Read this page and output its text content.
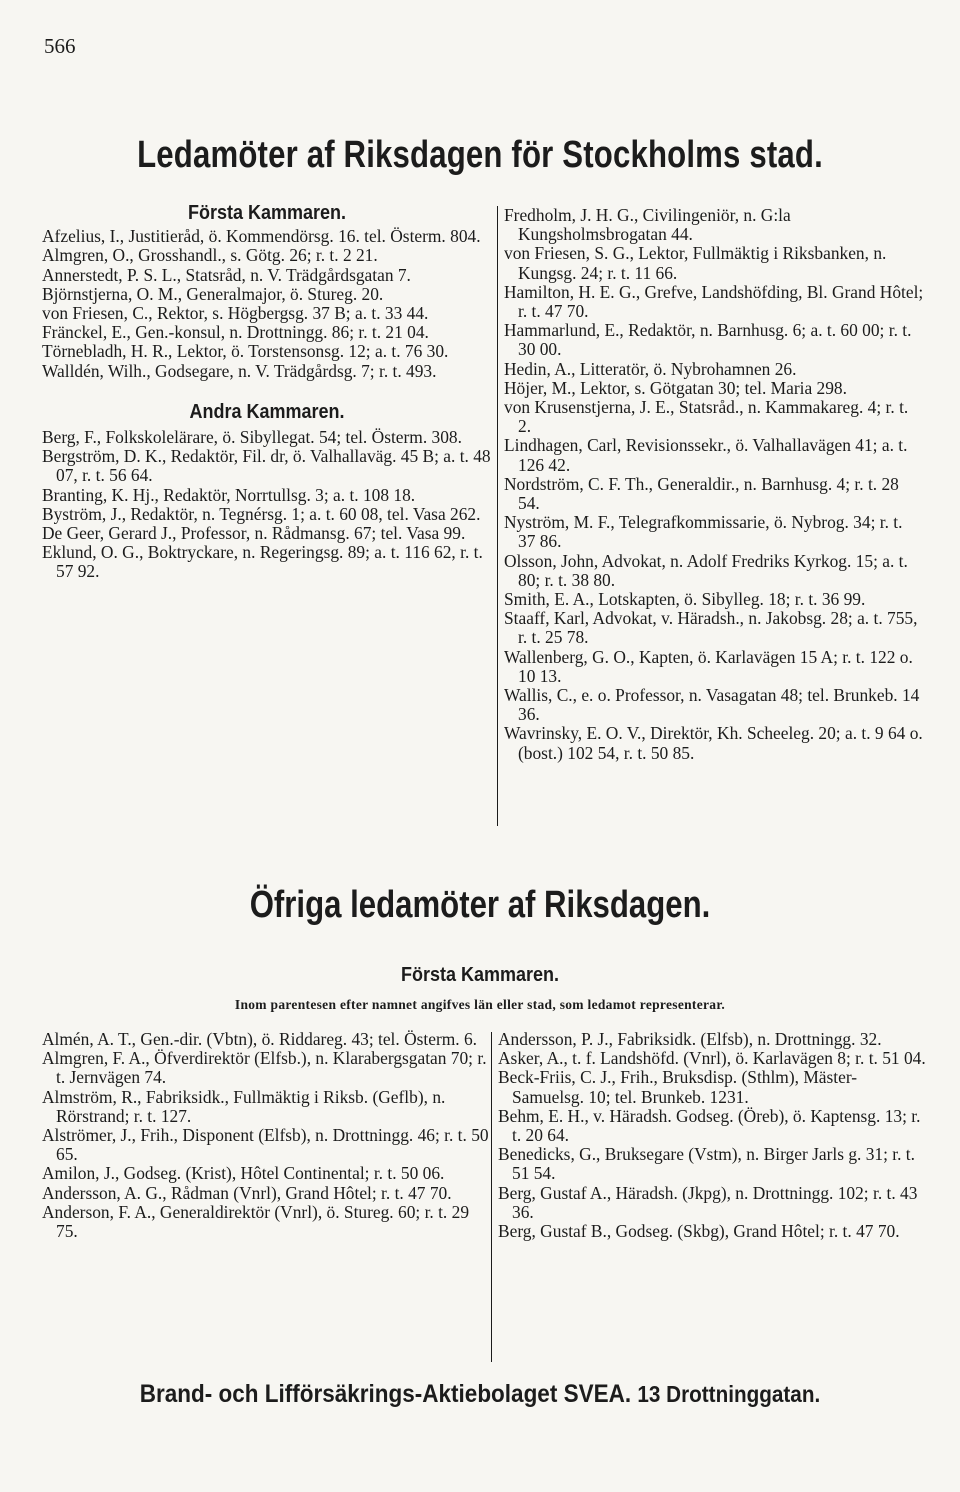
566
Ledamöter af Riksdagen för Stockholms stad.
Första Kammaren.
Afzelius, I., Justitieråd, ö. Kommendörsg. 16. tel. Österm. 804.
Almgren, O., Grosshandl., s. Götg. 26; r. t. 2 21.
Annerstedt, P. S. L., Statsråd, n. V. Trädgårdsgatan 7.
Björnstjerna, O. M., Generalmajor, ö. Stureg. 20.
von Friesen, C., Rektor, s. Högbergsg. 37 B; a. t. 33 44.
Fränckel, E., Gen.-konsul, n. Drottningg. 86; r. t. 21 04.
Törnebladh, H. R., Lektor, ö. Torstensonsg. 12; a. t. 76 30.
Walldén, Wilh., Godsegare, n. V. Trädgårdsg. 7; r. t. 493.
Andra Kammaren.
Berg, F., Folkskolelärare, ö. Sibyllegat. 54; tel. Österm. 308.
Bergström, D. K., Redaktör, Fil. dr, ö. Valhallaväg. 45 B; a. t. 48 07, r. t. 56 64.
Branting, K. Hj., Redaktör, Norrtullsg. 3; a. t. 108 18.
Byström, J., Redaktör, n. Tegnérsg. 1; a. t. 60 08, tel. Vasa 262.
De Geer, Gerard J., Professor, n. Rådmansg. 67; tel. Vasa 99.
Eklund, O. G., Boktryckare, n. Regeringsg. 89; a. t. 116 62, r. t. 57 92.
Fredholm, J. H. G., Civilingeniör, n. G:la Kungsholmsbrogatan 44.
von Friesen, S. G., Lektor, Fullmäktig i Riksbanken, n. Kungsg. 24; r. t. 11 66.
Hamilton, H. E. G., Grefve, Landshöfding, Bl. Grand Hôtel; r. t. 47 70.
Hammarlund, E., Redaktör, n. Barnhusg. 6; a. t. 60 00; r. t. 30 00.
Hedin, A., Litteratör, ö. Nybrohamnen 26.
Höjer, M., Lektor, s. Götgatan 30; tel. Maria 298.
von Krusenstjerna, J. E., Statsråd., n. Kammakareg. 4; r. t. 2.
Lindhagen, Carl, Revisionssekr., ö. Valhallavägen 41; a. t. 126 42.
Nordström, C. F. Th., Generaldir., n. Barnhusg. 4; r. t. 28 54.
Nyström, M. F., Telegrafkommissarie, ö. Nybrog. 34; r. t. 37 86.
Olsson, John, Advokat, n. Adolf Fredriks Kyrkog. 15; a. t. 80; r. t. 38 80.
Smith, E. A., Lotskapten, ö. Sibylleg. 18; r. t. 36 99.
Staaff, Karl, Advokat, v. Häradsh., n. Jakobsg. 28; a. t. 755, r. t. 25 78.
Wallenberg, G. O., Kapten, ö. Karlavägen 15 A; r. t. 122 o. 10 13.
Wallis, C., e. o. Professor, n. Vasagatan 48; tel. Brunkeb. 14 36.
Wavrinsky, E. O. V., Direktör, Kh. Scheeleg. 20; a. t. 9 64 o. (bost.) 102 54, r. t. 50 85.
Öfriga ledamöter af Riksdagen.
Första Kammaren.
Inom parentesen efter namnet angifves län eller stad, som ledamot representerar.
Almén, A. T., Gen.-dir. (Vbtn), ö. Riddareg. 43; tel. Österm. 6.
Almgren, F. A., Öfverdirektör (Elfsb.), n. Klarabergsgatan 70; r. t. Jernvägen 74.
Almström, R., Fabriksidk., Fullmäktig i Riksb. (Geflb), n. Rörstrand; r. t. 127.
Alströmer, J., Frih., Disponent (Elfsb), n. Drottningg. 46; r. t. 50 65.
Amilon, J., Godseg. (Krist), Hôtel Continental; r. t. 50 06.
Andersson, A. G., Rådman (Vnrl), Grand Hôtel; r. t. 47 70.
Anderson, F. A., Generaldirektör (Vnrl), ö. Stureg. 60; r. t. 29 75.
Andersson, P. J., Fabriksidk. (Elfsb), n. Drottningg. 32.
Asker, A., t. f. Landshöfd. (Vnrl), ö. Karlavägen 8; r. t. 51 04.
Beck-Friis, C. J., Frih., Bruksdisp. (Sthlm), Mäster-Samuelsg. 10; tel. Brunkeb. 1231.
Behm, E. H., v. Häradsh. Godseg. (Öreb), ö. Kaptensg. 13; r. t. 20 64.
Benedicks, G., Bruksegare (Vstm), n. Birger Jarls g. 31; r. t. 51 54.
Berg, Gustaf A., Häradsh. (Jkpg), n. Drottningg. 102; r. t. 43 36.
Berg, Gustaf B., Godseg. (Skbg), Grand Hôtel; r. t. 47 70.
Brand- och Lifförsäkrings-Aktiebolaget SVEA. 13 Drottninggatan.
